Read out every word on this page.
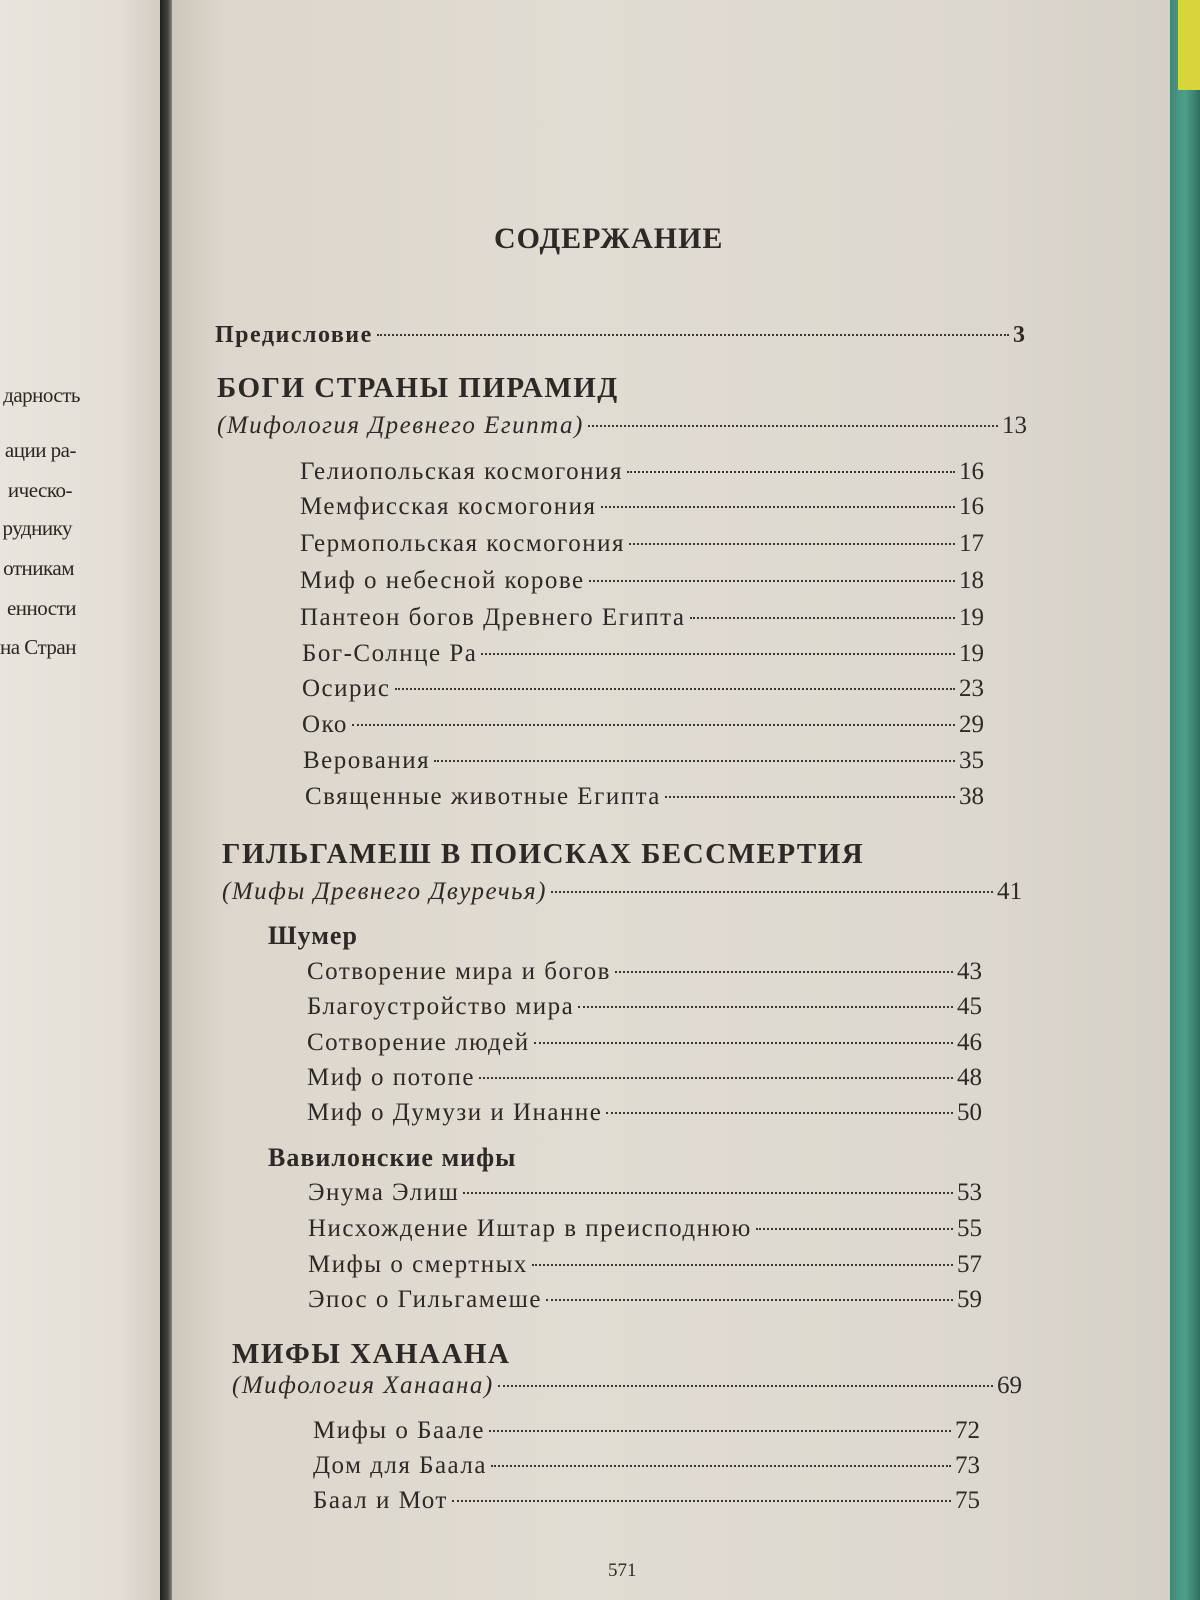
дарность
ации ра-
ическо-
руднику
отникам
енности
на Стран
СОДЕРЖАНИЕ
Предисловие	3
БОГИ СТРАНЫ ПИРАМИД
(Мифология Древнего Египта)	13
Гелиопольская космогония	16
Мемфисская космогония	16
Гермопольская космогония	17
Миф о небесной корове	18
Пантеон богов Древнего Египта	19
Бог-Солнце Ра	19
Осирис	23
Око	29
Верования	35
Священные животные Египта	38
ГИЛЬГАМЕШ В ПОИСКАХ БЕССМЕРТИЯ
(Мифы Древнего Двуречья)	41
Шумер
Сотворение мира и богов	43
Благоустройство мира	45
Сотворение людей	46
Миф о потопе	48
Миф о Думузи и Инанне	50
Вавилонские мифы
Энума Элиш	53
Нисхождение Иштар в преисподнюю	55
Мифы о смертных	57
Эпос о Гильгамеше	59
МИФЫ ХАНААНА
(Мифология Ханаана)	69
Мифы о Баале	72
Дом для Баала	73
Баал и Мот	75
571
